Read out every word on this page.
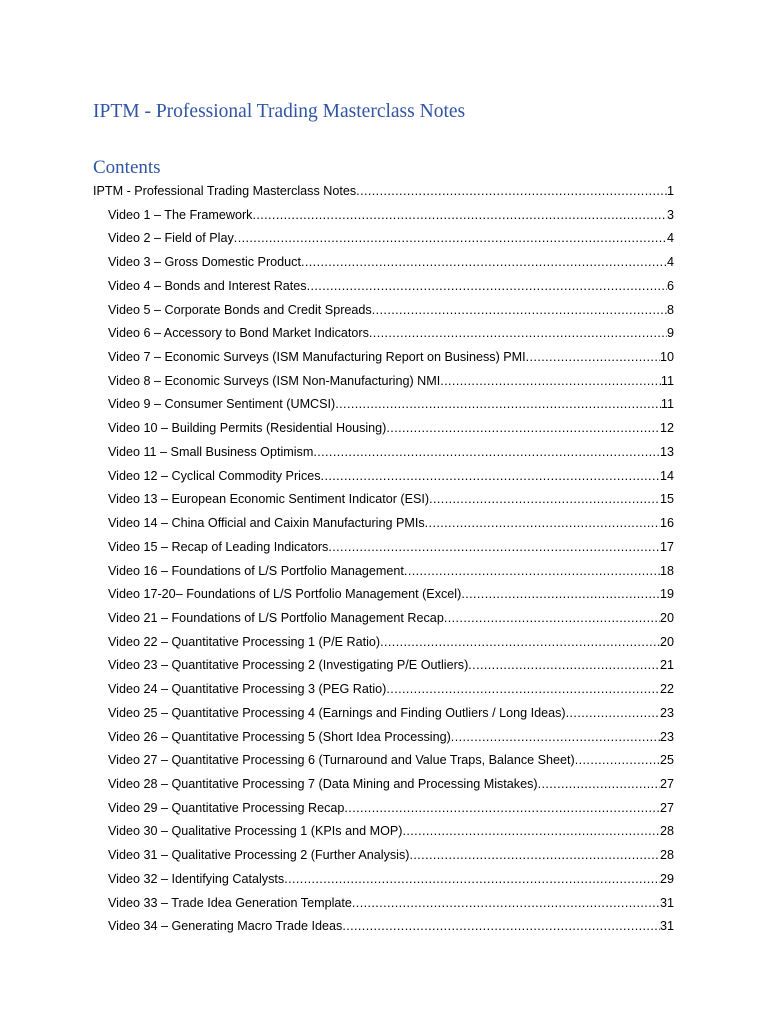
IPTM - Professional Trading Masterclass Notes
Contents
IPTM - Professional Trading Masterclass Notes .....	1
Video 1 – The Framework .....	3
Video 2 – Field of Play .....	4
Video 3 – Gross Domestic Product .....	4
Video 4 – Bonds and Interest Rates .....	6
Video 5 – Corporate Bonds and Credit Spreads .....	8
Video 6 – Accessory to Bond Market Indicators .....	9
Video 7 – Economic Surveys (ISM Manufacturing Report on Business) PMI .....	10
Video 8 – Economic Surveys (ISM Non-Manufacturing) NMI .....	11
Video 9 – Consumer Sentiment (UMCSI) .....	11
Video 10 – Building Permits (Residential Housing) .....	12
Video 11 – Small Business Optimism .....	13
Video 12 – Cyclical Commodity Prices .....	14
Video 13 – European Economic Sentiment Indicator (ESI) .....	15
Video 14 – China Official and Caixin Manufacturing PMIs .....	16
Video 15 – Recap of Leading Indicators .....	17
Video 16 – Foundations of L/S Portfolio Management .....	18
Video 17-20– Foundations of L/S Portfolio Management (Excel) .....	19
Video 21 – Foundations of L/S Portfolio Management Recap .....	20
Video 22 – Quantitative Processing 1 (P/E Ratio) .....	20
Video 23 – Quantitative Processing 2 (Investigating P/E Outliers) .....	21
Video 24 – Quantitative Processing 3 (PEG Ratio) .....	22
Video 25 – Quantitative Processing 4 (Earnings and Finding Outliers / Long Ideas) .....	23
Video 26 – Quantitative Processing 5 (Short Idea Processing) .....	23
Video 27 – Quantitative Processing 6 (Turnaround and Value Traps, Balance Sheet) .....	25
Video 28 – Quantitative Processing 7 (Data Mining and Processing Mistakes) .....	27
Video 29 – Quantitative Processing Recap .....	27
Video 30 – Qualitative Processing 1 (KPIs and MOP) .....	28
Video 31 – Qualitative Processing 2 (Further Analysis) .....	28
Video 32 – Identifying Catalysts .....	29
Video 33 – Trade Idea Generation Template .....	31
Video 34 – Generating Macro Trade Ideas .....	31
